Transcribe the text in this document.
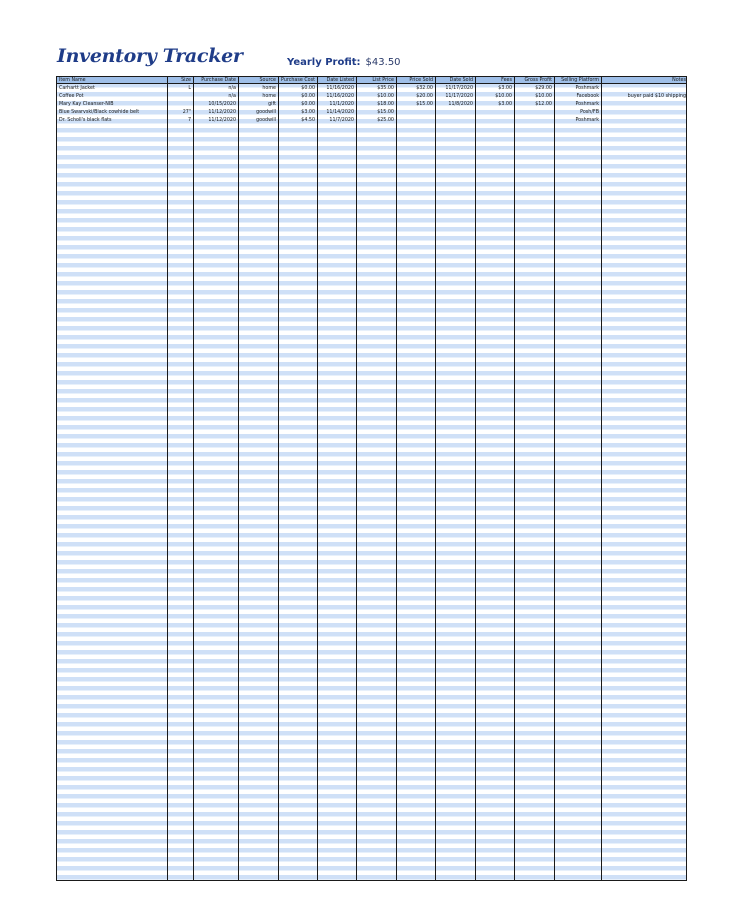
Inventory Tracker	Yearly Profit: $43.50
Item Name	Size	Purchase Date	Source	Purchase Cost	Date Listed	List Price	Price Sold	Date Sold	Fees	Gross Profit	Selling Platform	Notes
Carhartt Jacket	L	n/a	home	$0.00	11/16/2020	$35.00	$32.00	11/17/2020	$3.00	$29.00	Poshmark	
Coffee Pot		n/a	home	$0.00	11/16/2020	$10.00	$20.00	11/17/2020	$10.00	$10.00	Facebook	buyer paid $10 shipping
Mary Kay Cleanser-NIB		10/15/2020	gift	$0.00	11/1/2020	$18.00	$15.00	11/8/2020	$3.00	$12.00	Poshmark	
Blue Swarvski/Black cowhide belt	27"	11/12/2020	goodwill	$3.00	11/14/2020	$15.00					Posh/FB	
Dr. Scholl's black flats	7	11/12/2020	goodwill	$4.50	11/7/2020	$25.00					Poshmark	
